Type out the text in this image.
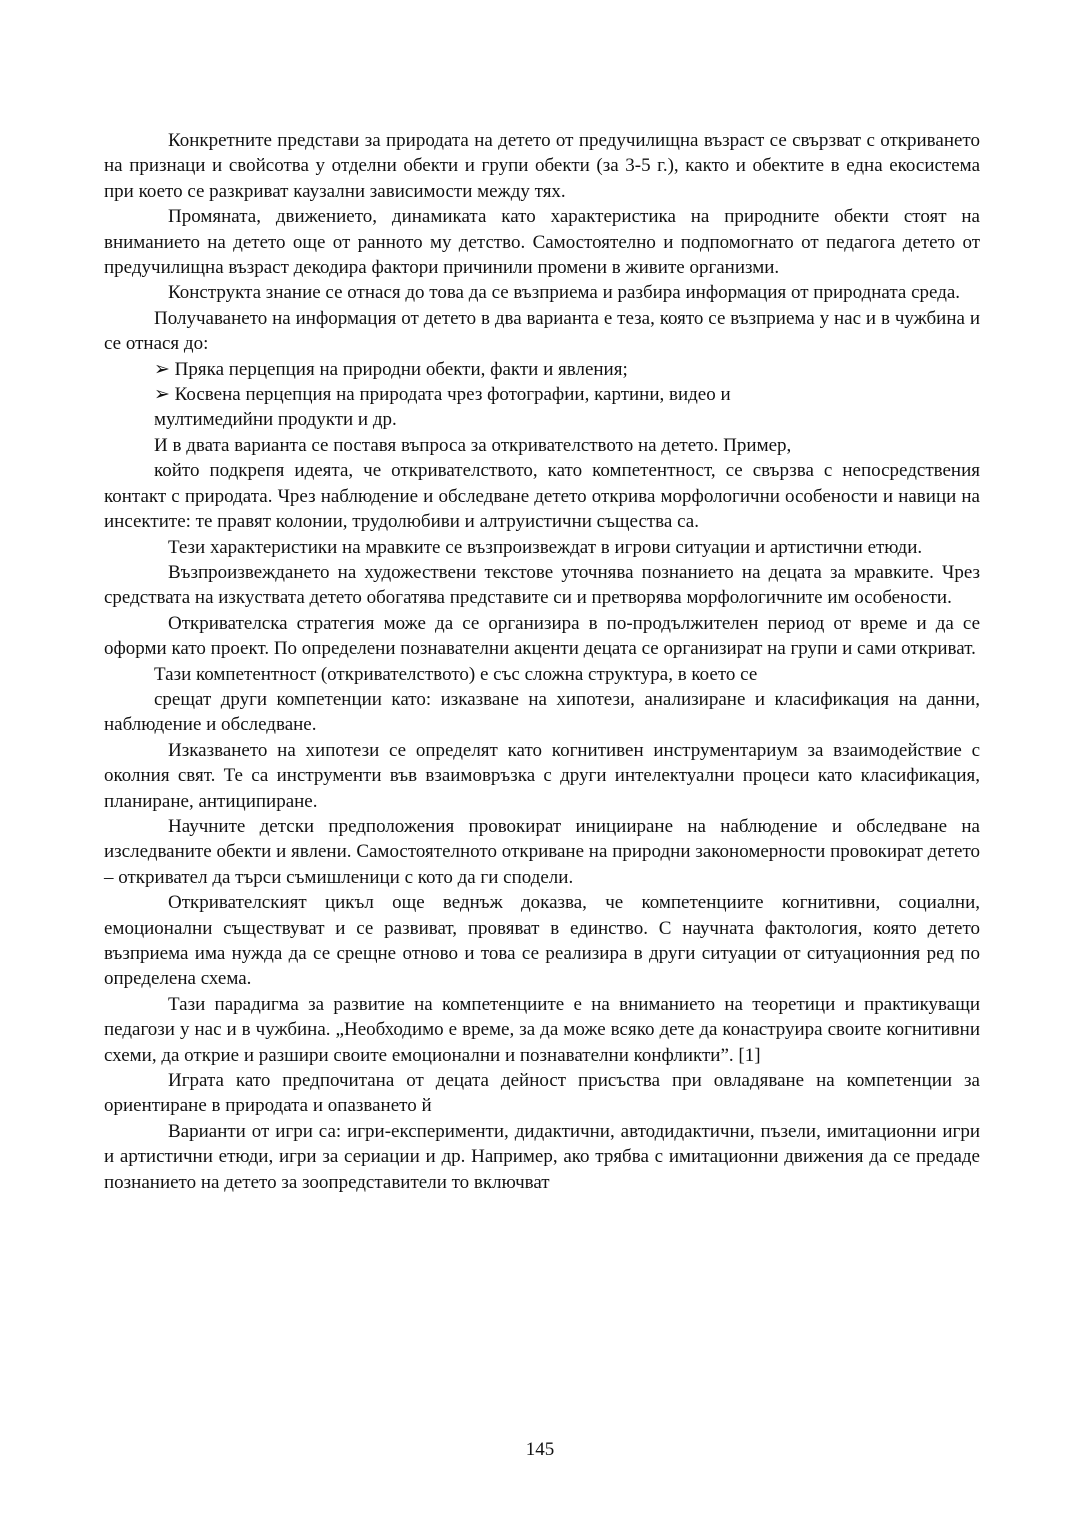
Конкретните представи за природата на детето от предучилищна възраст се свързват с откриването на признаци и свойсотва у отделни обекти и групи обекти (за 3-5 г.), както и обектите в една екосистема при което се разкриват каузални зависимости между тях.

Промяната, движението, динамиката като характеристика на природните обекти стоят на вниманието на детето още от ранното му детство. Самостоятелно и подпомогнато от педагога детето от предучилищна възраст декодира фактори причинили промени в живите организми.

Конструкта знание се отнася до това да се възприема и разбира информация от природната среда.

Получаването на информация от детето в два варианта е теза, която се възприема у нас и в чужбина и се отнася до:

➢ Пряка перцепция на природни обекти, факти и явления;

➢ Косвена перцепция на природата чрез фотографии, картини, видео и

мултимедийни продукти и др.

И в двата варианта се поставя въпроса за откривателството на детето. Пример,

който подкрепя идеята, че откривателството, като компетентност, се свързва с непосредствения контакт с природата. Чрез наблюдение и обследване детето открива морфологични особености и навици на инсектите: те правят колонии, трудолюбиви и алтруистични същества са.

Тези характеристики на мравките се възпроизвеждат в игрови ситуации и артистични етюди.

Възпроизвеждането на художествени текстове уточнява познанието на децата за мравките. Чрез средствата на изкуствата детето обогатява представите си и претворява морфологичните им особености.

Откривателска стратегия може да се организира в по-продължителен период от време и да се оформи като проект. По определени познавателни акценти децата се организират на групи и сами откриват.

Тази компетентност (откривателството) е със сложна структура, в което се

срещат други компетенции като: изказване на хипотези, анализиране и класификация на данни, наблюдение и обследване.

Изказването на хипотези се определят като когнитивен инструментариум за взаимодействие с околния свят. Те са инструменти във взаимовръзка с други интелектуални процеси като класификация, планиране, антиципиране.

Научните детски предположения провокират иницииране на наблюдение и обследване на изследваните обекти и явлени. Самостоятелното откриване на природни закономерности провокират детето – откривател да търси съмишленици с кото да ги сподели.

Откривателският цикъл още веднъж доказва, че компетенциите когнитивни, социални, емоционални съществуват и се развиват, провяват в единство. С научната фактология, която детето възприема има нужда да се срещне отново и това се реализира в други ситуации от ситуационния ред по определена схема.

Тази парадигма за развитие на компетенциите е на вниманието на теоретици и практикуващи педагози у нас и в чужбина. „Необходимо е време, за да може всяко дете да конаструира своите когнитивни схеми, да открие и разшири своите емоционални и познавателни конфликти”. [1]

Играта като предпочитана от децата дейност присъства при овладяване на компетенции за ориентиране в природата и опазването й

Варианти от игри са: игри-експерименти, дидактични, автодидактични, пъзели, имитационни игри и артистични етюди, игри за сериации и др. Например, ако трябва с имитационни движения да се предаде познанието на детето за зоопредставители то включват

145
